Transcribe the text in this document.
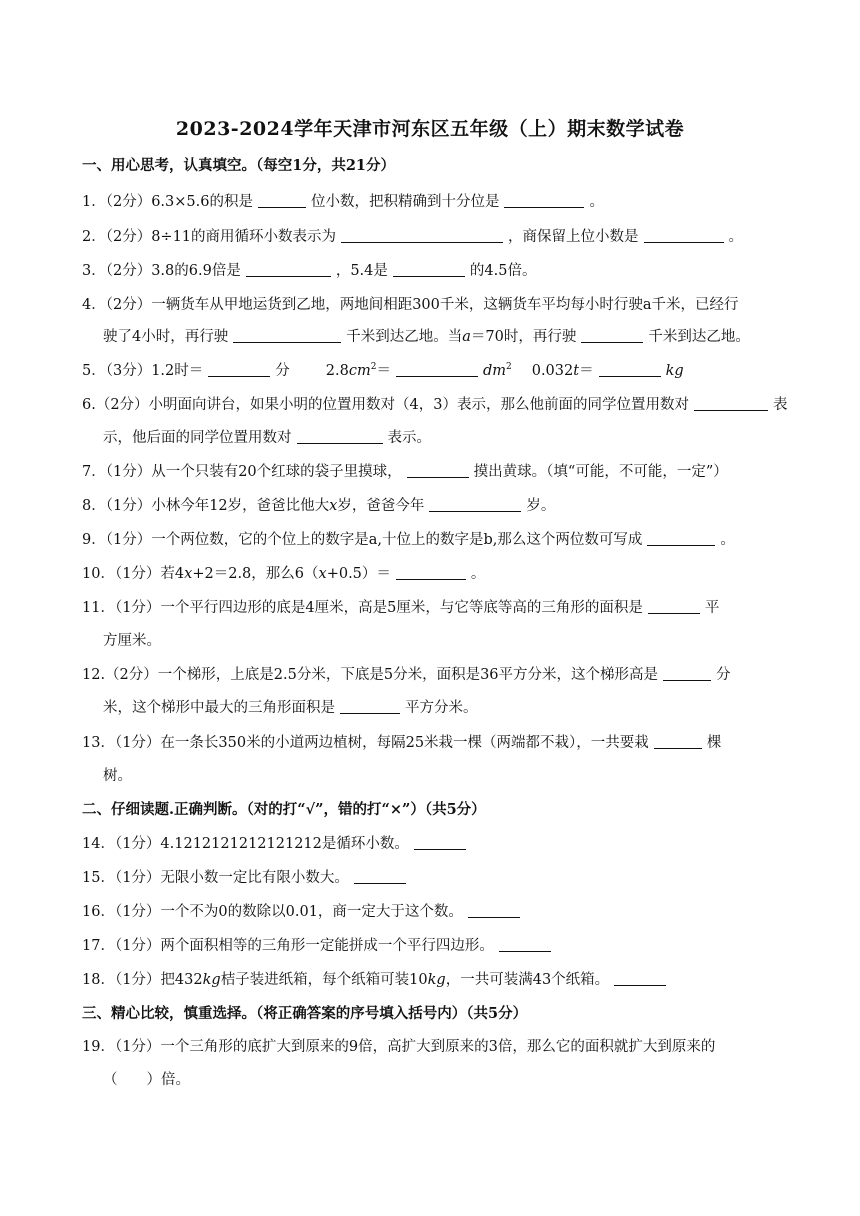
2023-2024学年天津市河东区五年级（上）期末数学试卷
一、用心思考，认真填空。（每空1分，共21分）
1．（2分）6.3×5.6的积是	位小数，把积精确到十分位是	。
2．（2分）8÷11的商用循环小数表示为	，商保留上位小数是	。
3．（2分）3.8的6.9倍是	，5.4是	的4.5倍。
4．（2分）一辆货车从甲地运货到乙地，两地间相距300千米，这辆货车平均每小时行驶a千米，已经行
驶了4小时，再行驶	千米到达乙地。当a＝70时，再行驶	千米到达乙地。
5．（3分）1.2时＝	分 $2.8cm^2=$	$dm^2$ 0.032t＝	kg
6.（2分）小明面向讲台，如果小明的位置用数对（4，3）表示，那么他前面的同学位置用数对	表
示，他后面的同学位置用数对	表示。
7．（1分）从一个只装有20个红球的袋子里摸球，	摸出黄球。（填“可能，不可能，一定”）
8．（1分）小林今年12岁，爸爸比他大x岁，爸爸今年	岁。
9．（1分）一个两位数，它的个位上的数字是a,十位上的数字是b,那么这个两位数可写成	。
10．（1分）若4x+2＝2.8，那么6（x+0.5）＝	。
11．（1分）一个平行四边形的底是4厘米，高是5厘米，与它等底等高的三角形的面积是	平
方厘米。
12.（2分）一个梯形，上底是2.5分米，下底是5分米，面积是36平方分米，这个梯形高是	分
米，这个梯形中最大的三角形面积是	平方分米。
13．（1分）在一条长350米的小道两边植树，每隔25米栽一棵（两端都不栽），一共要栽	棵
树。
二、仔细读题.正确判断。（对的打“√”，错的打“×”）（共5分）
14．（1分）4.1212121212121212是循环小数。
15．（1分）无限小数一定比有限小数大。
16．（1分）一个不为0的数除以0.01，商一定大于这个数。
17．（1分）两个面积相等的三角形一定能拼成一个平行四边形。
18．（1分）把432kg桔子装进纸箱，每个纸箱可装10kg，一共可装满43个纸箱。
三、精心比较，慎重选择。（将正确答案的序号填入括号内）（共5分）
19．（1分）一个三角形的底扩大到原来的9倍，高扩大到原来的3倍，那么它的面积就扩大到原来的
（　　）倍。
